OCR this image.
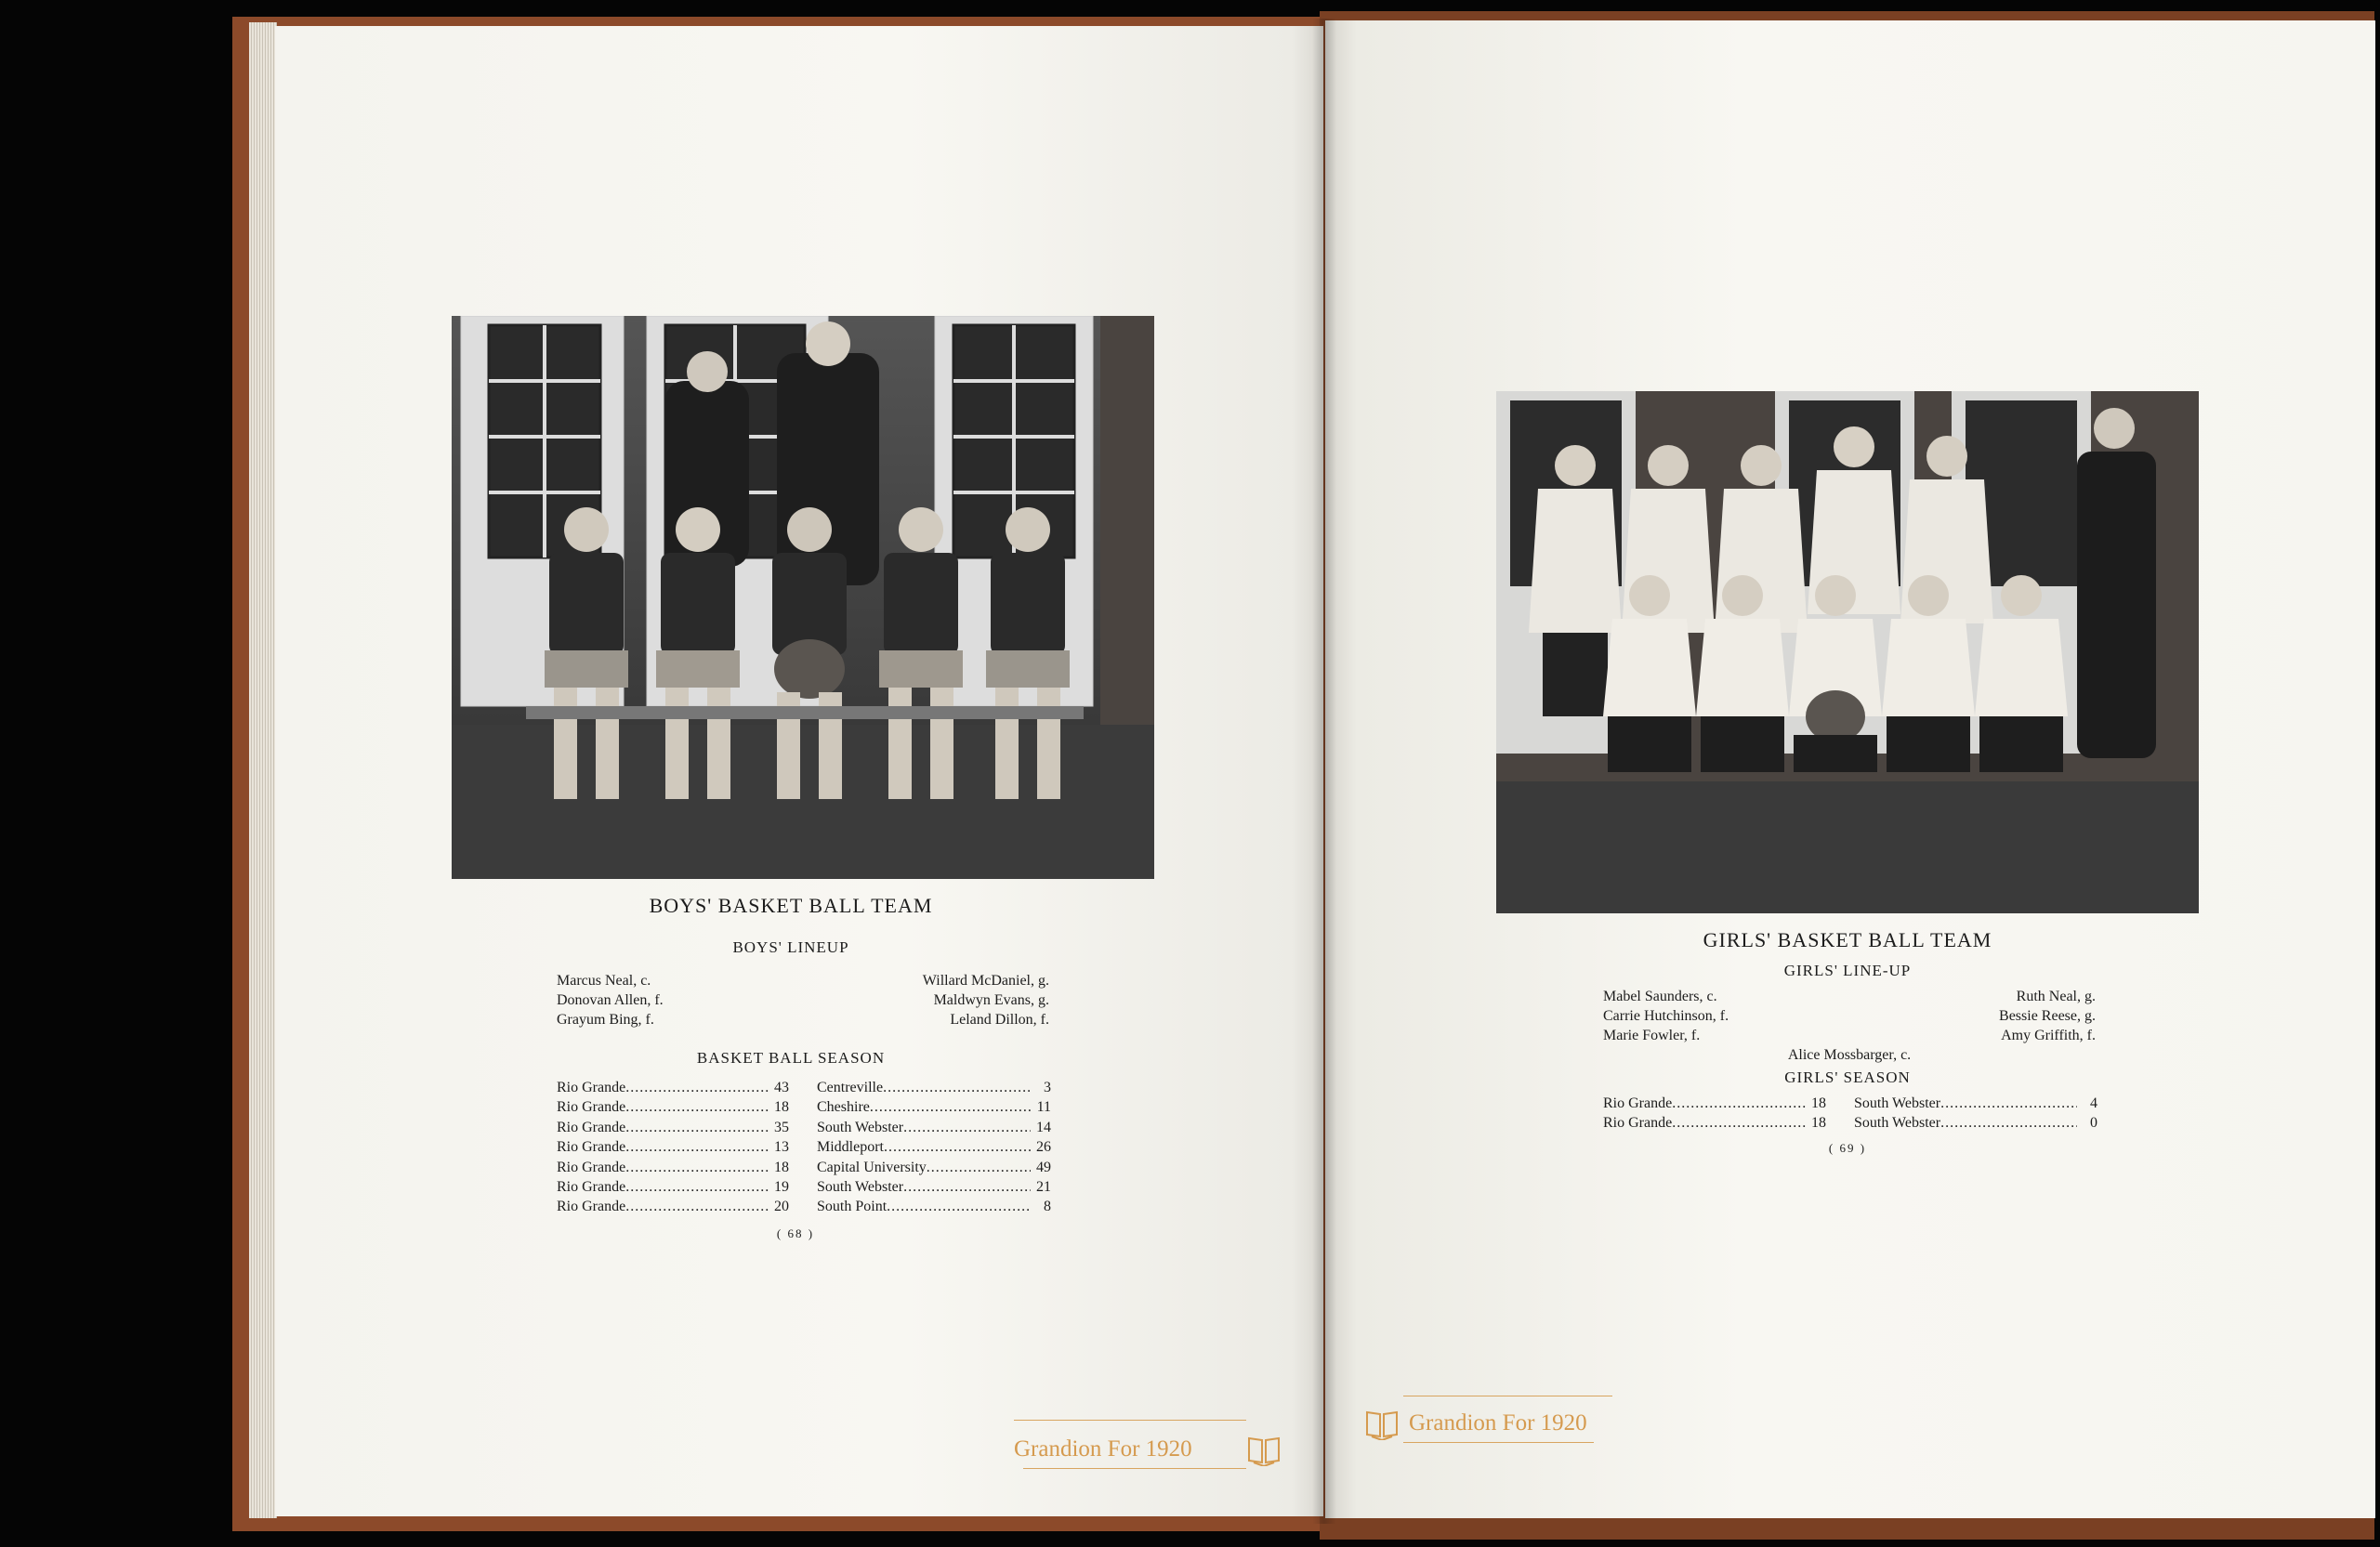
BOYS' BASKET BALL TEAM
BOYS' LINEUP
Marcus Neal, c.	Willard McDaniel, g.
Donovan Allen, f.	Maldwyn Evans, g.
Grayum Bing, f.	Leland Dillon, f.
BASKET BALL SEASON
Rio Grande .....	43
Rio Grande .....	18
Rio Grande .....	35
Rio Grande .....	13
Rio Grande .....	18
Rio Grande .....	19
Rio Grande .....	20
Centreville .....	3
Cheshire .....	11
South Webster .....	14
Middleport .....	26
Capital University .....	49
South Webster .....	21
South Point .....	8
( 68 )
Grandion For 1920
GIRLS' BASKET BALL TEAM
GIRLS' LINE-UP
Mabel Saunders, c.	Ruth Neal, g.
Carrie Hutchinson, f.	Bessie Reese, g.
Marie Fowler, f.	Amy Griffith, f.
Alice Mossbarger, c.
GIRLS' SEASON
Rio Grande .....	18
Rio Grande .....	18
South Webster .....	4
South Webster .....	0
( 69 )
Grandion For 1920
